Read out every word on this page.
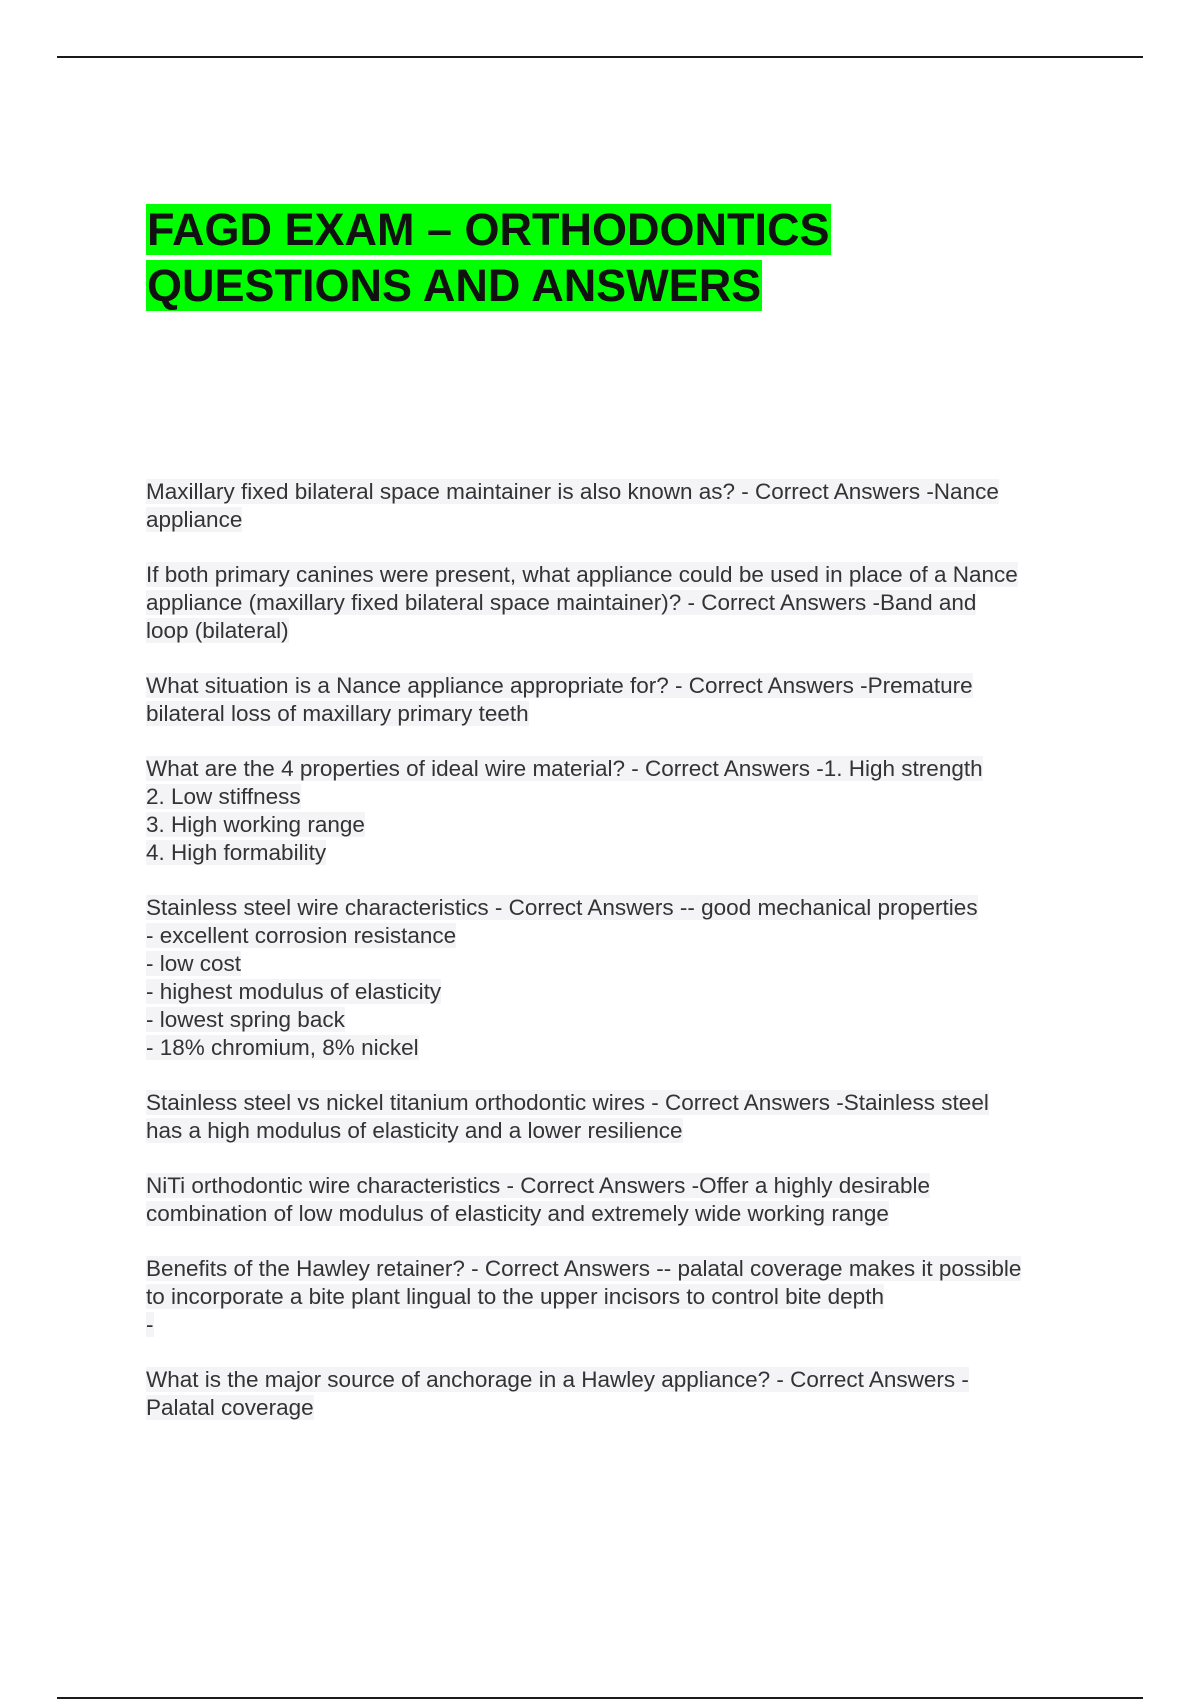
FAGD EXAM – ORTHODONTICS
QUESTIONS AND ANSWERS
Maxillary fixed bilateral space maintainer is also known as? - Correct Answers -Nance
appliance
If both primary canines were present, what appliance could be used in place of a Nance
appliance (maxillary fixed bilateral space maintainer)? - Correct Answers -Band and
loop (bilateral)
What situation is a Nance appliance appropriate for? - Correct Answers -Premature
bilateral loss of maxillary primary teeth
What are the 4 properties of ideal wire material? - Correct Answers -1. High strength
2. Low stiffness
3. High working range
4. High formability
Stainless steel wire characteristics - Correct Answers -- good mechanical properties
- excellent corrosion resistance
- low cost
- highest modulus of elasticity
- lowest spring back
- 18% chromium, 8% nickel
Stainless steel vs nickel titanium orthodontic wires - Correct Answers -Stainless steel
has a high modulus of elasticity and a lower resilience
NiTi orthodontic wire characteristics - Correct Answers -Offer a highly desirable
combination of low modulus of elasticity and extremely wide working range
Benefits of the Hawley retainer? - Correct Answers -- palatal coverage makes it possible
to incorporate a bite plant lingual to the upper incisors to control bite depth
-
What is the major source of anchorage in a Hawley appliance? - Correct Answers -
Palatal coverage
